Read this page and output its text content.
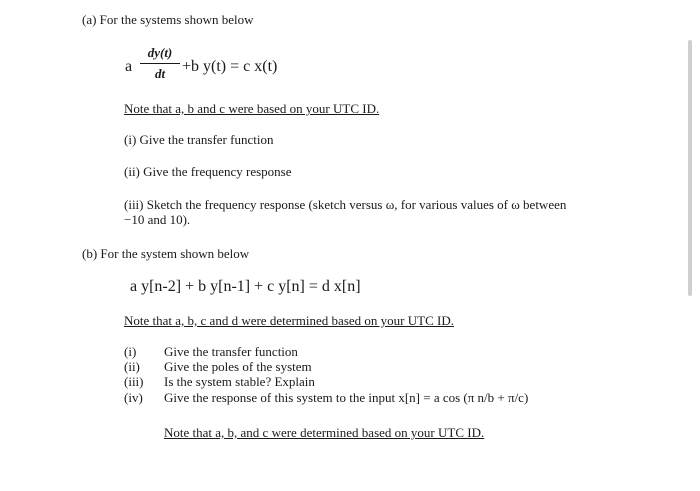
(a) For the systems shown below
a
dy(t)
dt	+b y(t) = c x(t)
Note that a, b and c were based on your UTC ID.
(i) Give the transfer function
(ii) Give the frequency response
(iii) Sketch the frequency response (sketch versus ω, for various values of ω between
−10 and 10).
(b) For the system shown below
a y[n-2] + b y[n-1] + c y[n] = d x[n]
Note that a, b, c and d were determined based on your UTC ID.
(i) Give the transfer function
(ii) Give the poles of the system
(iii) Is the system stable? Explain
(iv) Give the response of this system to the input x[n] = a cos (π n/b + π/c)
Note that a, b, and c were determined based on your UTC ID.
